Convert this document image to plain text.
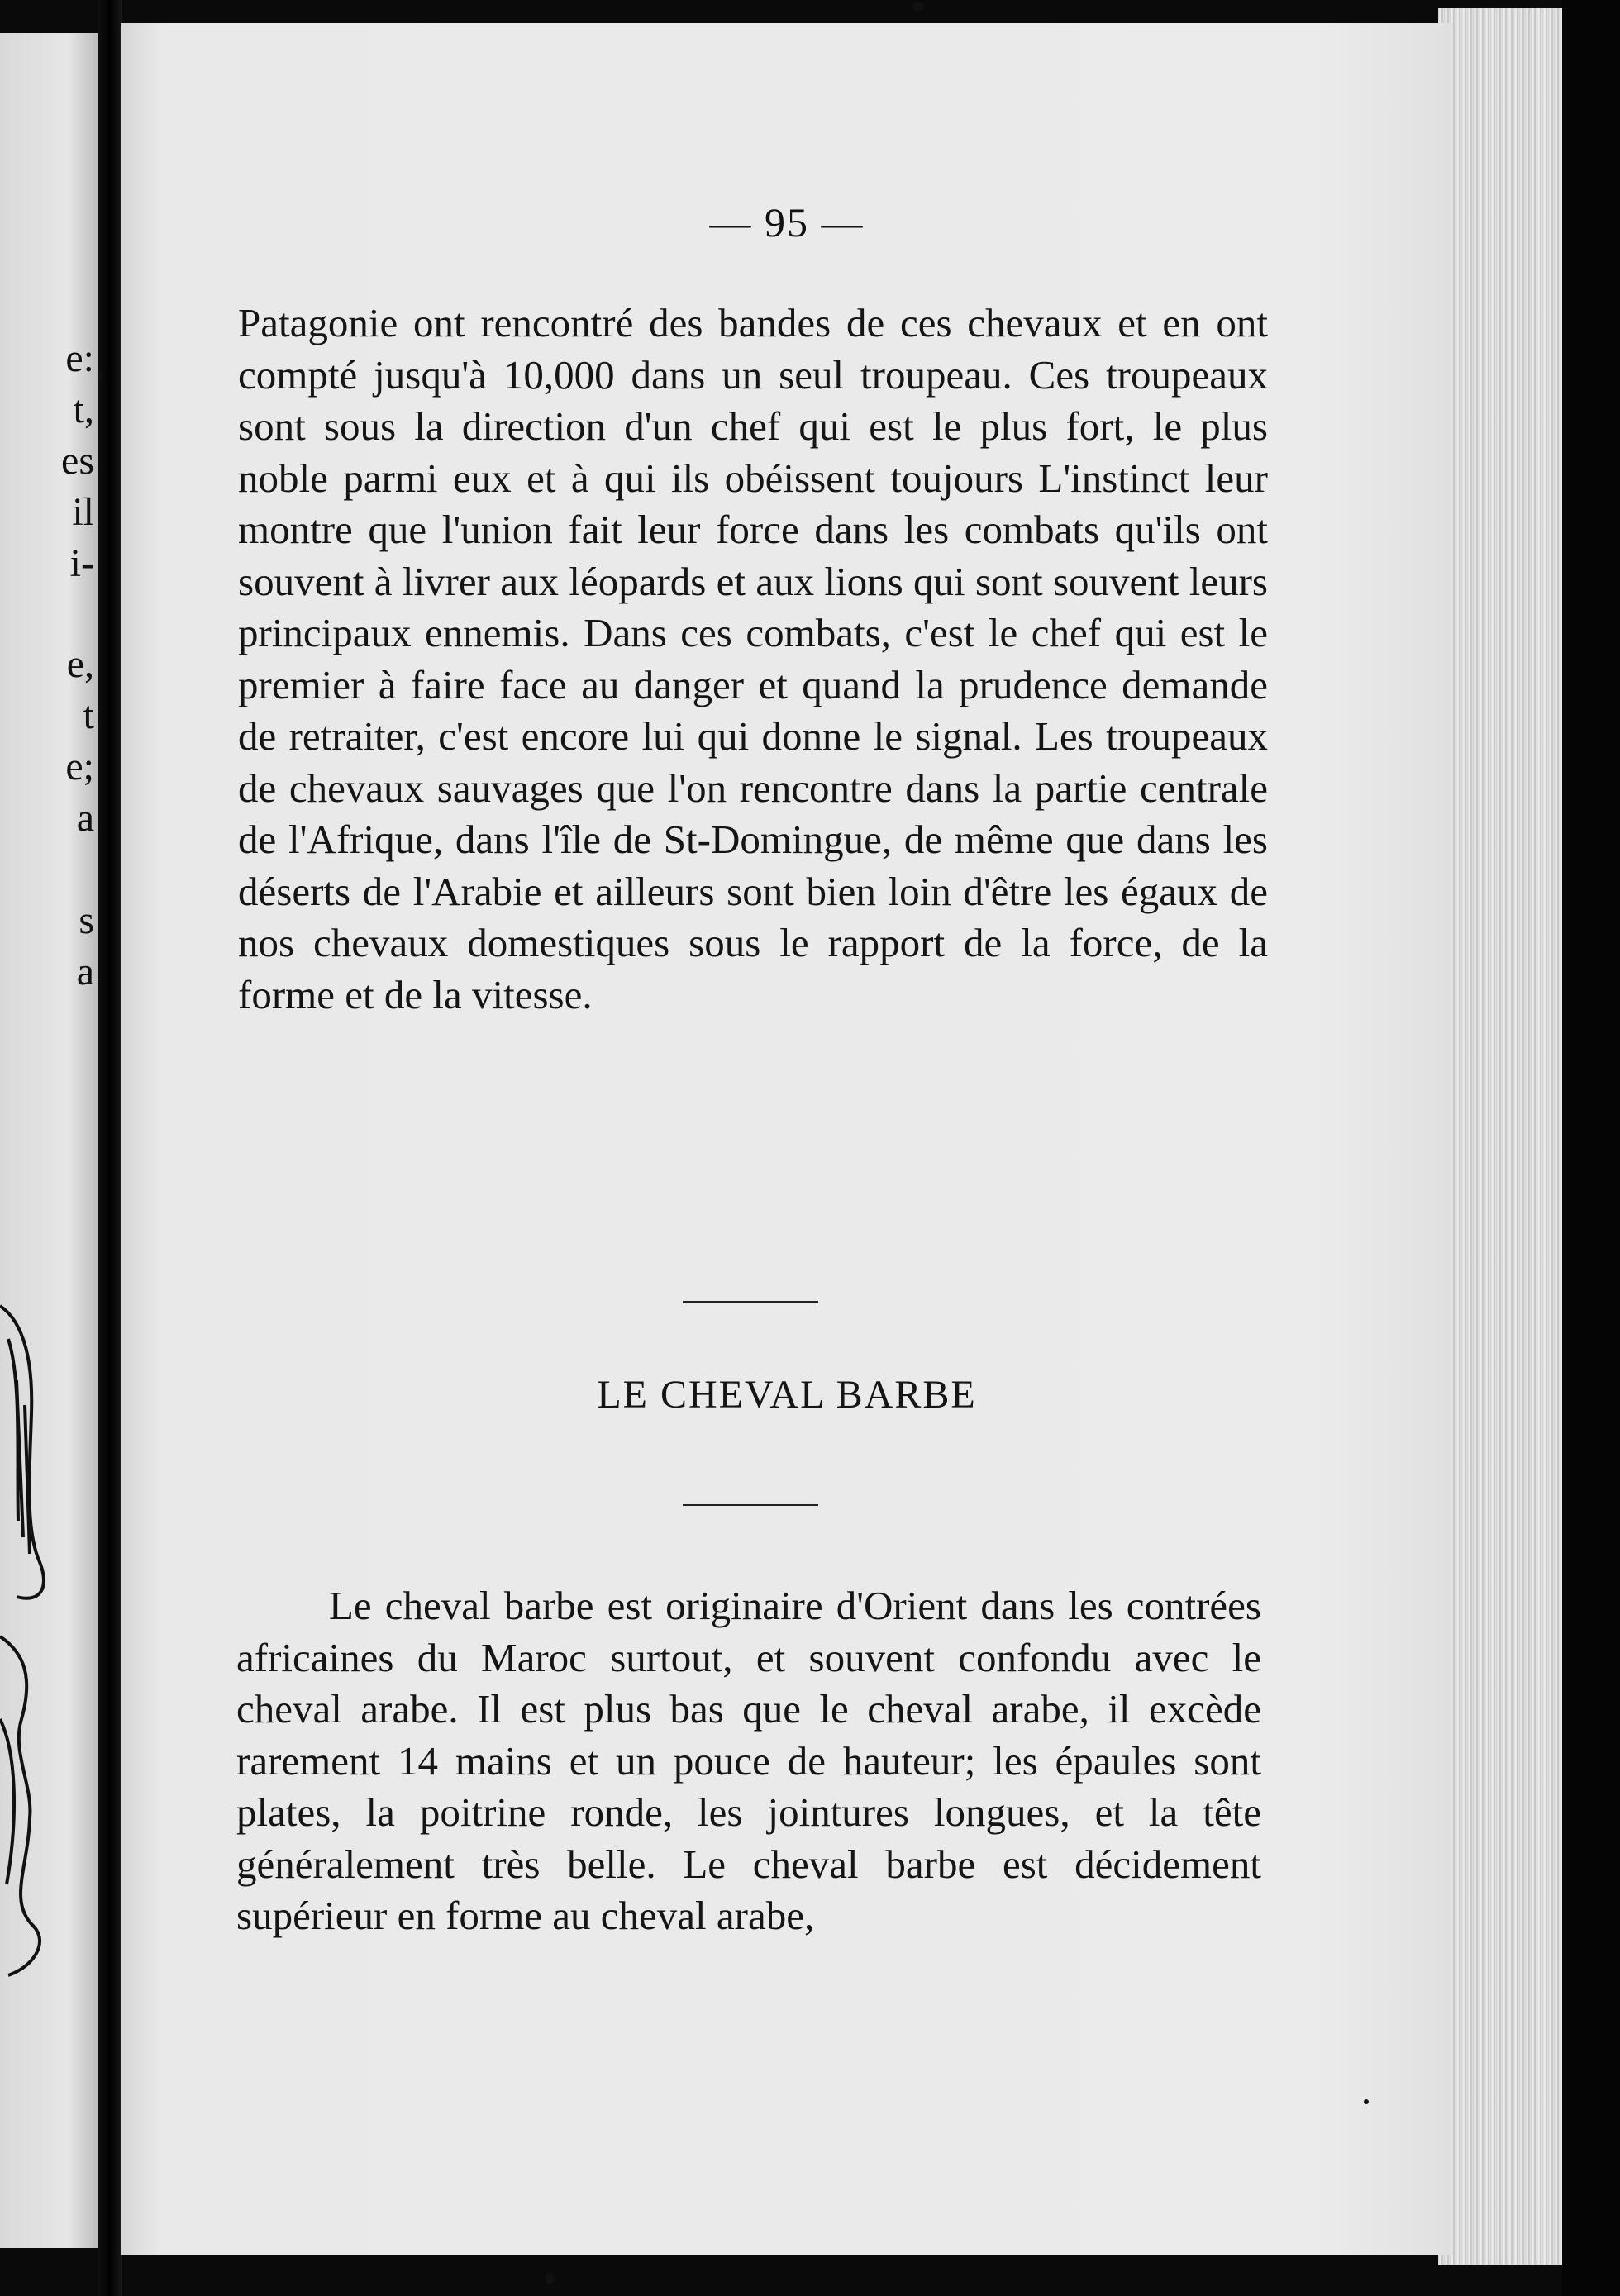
e:
t,
es
il
i-
e,
t
e;
a
s
a
— 95 —

Patagonie ont rencontré des bandes de ces chevaux et en ont compté jusqu'à 10,000 dans un seul troupeau. Ces troupeaux sont sous la direction d'un chef qui est le plus fort, le plus noble parmi eux et à qui ils obéissent toujours L'instinct leur montre que l'union fait leur force dans les combats qu'ils ont souvent à livrer aux léopards et aux lions qui sont souvent leurs principaux ennemis. Dans ces combats, c'est le chef qui est le premier à faire face au danger et quand la prudence demande de retraiter, c'est encore lui qui donne le signal. Les troupeaux de chevaux sauvages que l'on rencontre dans la partie centrale de l'Afrique, dans l'île de St-Domingue, de même que dans les déserts de l'Arabie et ailleurs sont bien loin d'être les égaux de nos chevaux domestiques sous le rapport de la force, de la forme et de la vitesse.

LE CHEVAL BARBE

Le cheval barbe est originaire d'Orient dans les contrées africaines du Maroc surtout, et souvent confondu avec le cheval arabe. Il est plus bas que le cheval arabe, il excède rarement 14 mains et un pouce de hauteur; les épaules sont plates, la poitrine ronde, les jointures longues, et la tête généralement très belle. Le cheval barbe est décidement supérieur en forme au cheval arabe,
